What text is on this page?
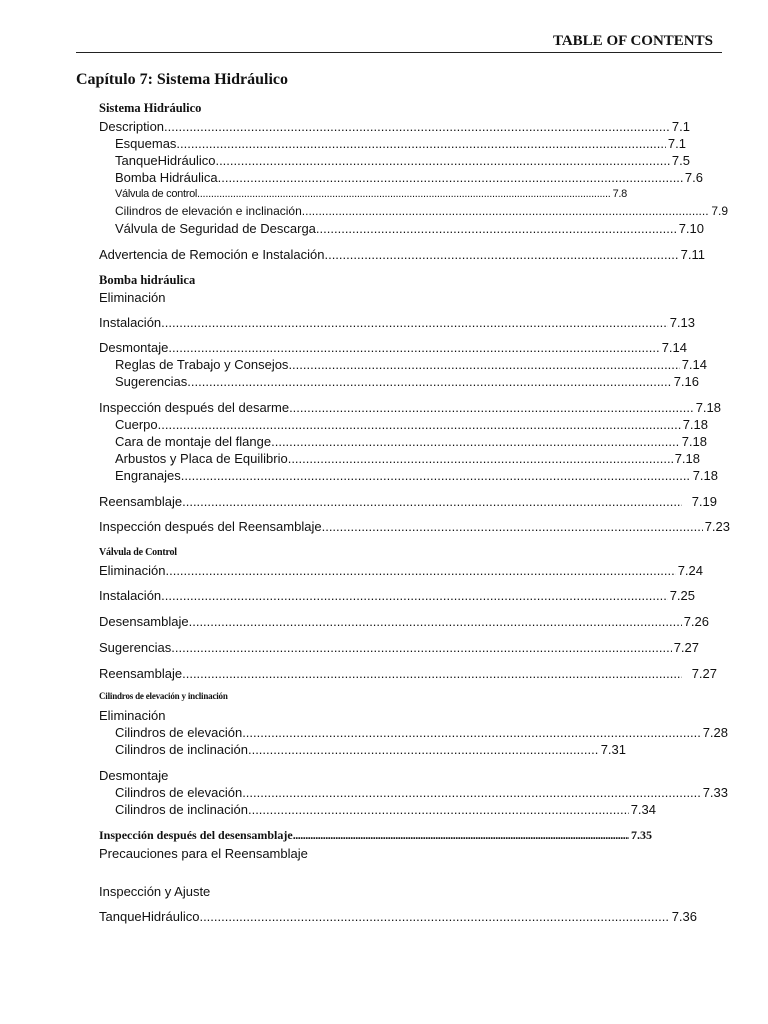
TABLE OF CONTENTS
Capítulo 7: Sistema Hidráulico
Sistema Hidráulico
Description .....	7.1
Esquemas .....	7.1
TanqueHidráulico .....	7.5
Bomba Hidráulica .....	7.6
Válvula de control .....	7.8
Cilindros de elevación e inclinación .....	7.9
Válvula de Seguridad de Descarga .....	7.10
Advertencia de Remoción e Instalación .....	7.11
Bomba hidráulica
Eliminación
Instalación .....	7.13
Desmontaje .....	7.14
Reglas de Trabajo y Consejos .....	7.14
Sugerencias .....	7.16
Inspección después del desarme .....	7.18
Cuerpo .....	7.18
Cara de montaje del flange .....	7.18
Arbustos y Placa de Equilibrio .....	7.18
Engranajes .....	7.18
Reensamblaje .....	7.19
Inspección después del Reensamblaje .....	7.23
Válvula de Control
Eliminación .....	7.24
Instalación .....	7.25
Desensamblaje .....	7.26
Sugerencias .....	7.27
Reensamblaje .....	7.27
Cilindros de elevación y inclinación
Eliminación
Cilindros de elevación .....	7.28
Cilindros de inclinación .....	7.31
Desmontaje
Cilindros de elevación .....	7.33
Cilindros de inclinación .....	7.34
Inspección después del desensamblaje .....	7.35
Precauciones para el Reensamblaje
Inspección y Ajuste
TanqueHidráulico .....	7.36
